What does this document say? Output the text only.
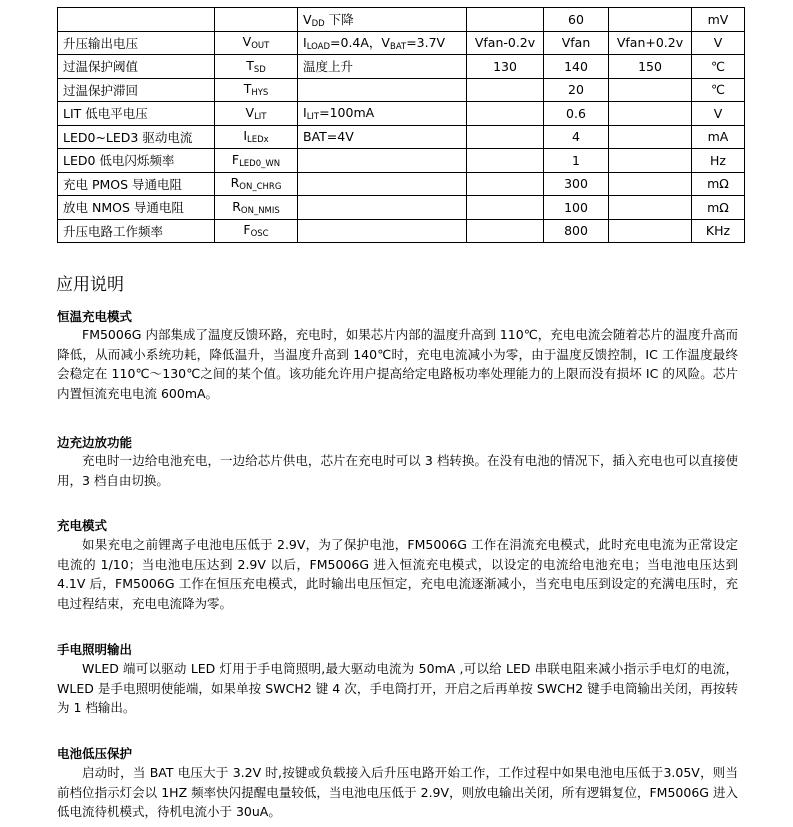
		$V_{DD}$ 下降		60		mV
升压输出电压	$V_{OUT}$	$I_{LOAD}=0.4A$，$V_{BAT}=3.7V$	Vfan-0.2v	Vfan	Vfan+0.2v	V
过温保护阈值	$T_{SD}$	温度上升	130	140	150	℃
过温保护滞回	$T_{HYS}$			20		℃
LIT 低电平电压	$V_{LIT}$	$I_{LIT}=100mA$		0.6		V
LED0~LED3 驱动电流	$I_{LEDx}$	BAT=4V		4		mA
LED0 低电闪烁频率	$F_{LED0\_WN}$			1		Hz
充电 PMOS 导通电阻	$R_{ON\_CHRG}$			300		mΩ
放电 NMOS 导通电阻	$R_{ON\_NMIS}$			100		mΩ
升压电路工作频率	$F_{OSC}$			800		KHz
应用说明
恒温充电模式

FM5006G 内部集成了温度反馈环路，充电时，如果芯片内部的温度升高到 110℃，充电电流会随着芯片的温度升高而降低，从而减小系统功耗，降低温升，当温度升高到 140℃时，充电电流减小为零，由于温度反馈控制，IC 工作温度最终会稳定在 110℃～130℃之间的某个值。该功能允许用户提高给定电路板功率处理能力的上限而没有损坏 IC 的风险。芯片内置恒流充电电流 600mA。

边充边放功能

充电时一边给电池充电，一边给芯片供电，芯片在充电时可以 3 档转换。在没有电池的情况下，插入充电也可以直接使用，3 档自由切换。

充电模式

如果充电之前锂离子电池电压低于 2.9V，为了保护电池，FM5006G 工作在涓流充电模式，此时充电电流为正常设定电流的 1/10；当电池电压达到 2.9V 以后，FM5006G 进入恒流充电模式，以设定的电流给电池充电；当电池电压达到 4.1V 后，FM5006G 工作在恒压充电模式，此时输出电压恒定，充电电流逐渐减小，当充电电压到设定的充满电压时，充电过程结束，充电电流降为零。

手电照明输出

WLED 端可以驱动 LED 灯用于手电筒照明,最大驱动电流为 50mA ,可以给 LED 串联电阻来减小指示手电灯的电流，WLED 是手电照明使能端，如果单按 SWCH2 键 4 次，手电筒打开，开启之后再单按 SWCH2 键手电筒输出关闭，再按转为 1 档输出。

电池低压保护

启动时，当 BAT 电压大于 3.2V 时,按键或负载接入后升压电路开始工作，工作过程中如果电池电压低于3.05V，则当前档位指示灯会以 1HZ 频率快闪提醒电量较低，当电池电压低于 2.9V，则放电输出关闭，所有逻辑复位，FM5006G 进入低电流待机模式，待机电流小于 30uA。
